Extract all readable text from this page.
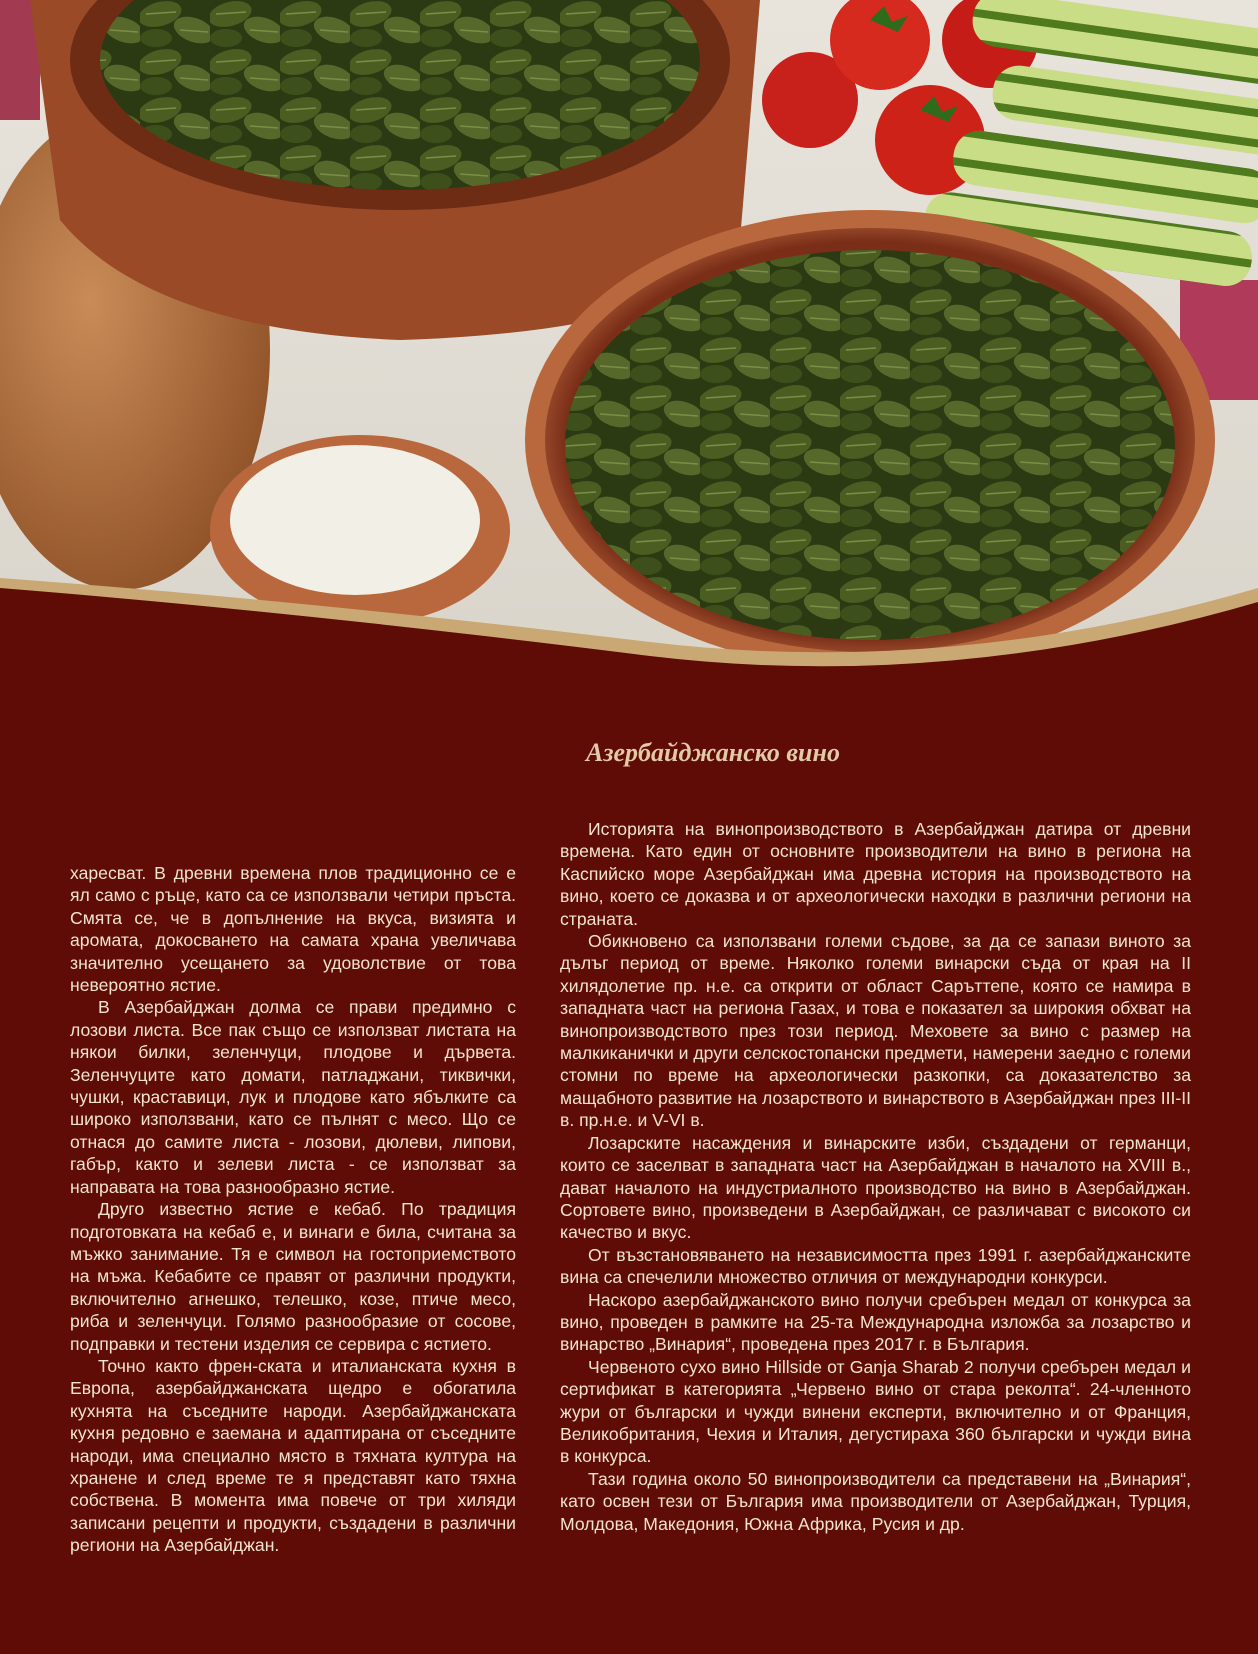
Азербайджанско вино

харесват. В древни времена плов традиционно се е ял само с ръце, като са се използвали четири пръста. Смята се, че в допълнение на вкуса, визията и аромата, докосването на самата храна увеличава значително усещането за удоволствие от това невероятно ястие.

В Азербайджан долма се прави предимно с лозови листа. Все пак също се използват листата на някои билки, зеленчуци, плодове и дървета. Зеленчуците като домати, патладжани, тиквички, чушки, краставици, лук и плодове като ябълките са широко използвани, като се пълнят с месо. Що се отнася до самите листа - лозови, дюлеви, липови, габър, както и зелеви листа - се използват за направата на това разнообразно ястие.

Друго известно ястие е кебаб. По традиция подготовката на кебаб е, и винаги е била, считана за мъжко занимание. Тя е символ на гостоприемството на мъжа. Кебабите се правят от различни продукти, включително агнешко, телешко, козе, птиче месо, риба и зеленчуци. Голямо разнообразие от сосове, подправки и тестени изделия се сервира с ястието.

Точно както френ-ската и италианската кухня в Европа, азербайджанската щедро е обогатила кухнята на съседните народи. Азербайджанската кухня редовно е заемана и адаптирана от съседните народи, има специално място в тяхната култура на хранене и след време те я представят като тяхна собствена. В момента има повече от три хиляди записани рецепти и продукти, създадени в различни региони на Азербайджан.

Историята на винопроизводството в Азербайджан датира от древни времена. Като един от основните производители на вино в региона на Каспийско море Азербайджан има древна история на производството на вино, което се доказва и от археологически находки в различни региони на страната.

Обикновено са използвани големи съдове, за да се запази виното за дълъг период от време. Няколко големи винарски съда от края на II хилядолетие пр. н.е. са открити от област Саръттепе, която се намира в западната част на региона Газах, и това е показател за широкия обхват на винопроизводството през този период. Меховете за вино с размер на малкиканички и други селскостопански предмети, намерени заедно с големи стомни по време на археологически разкопки, са доказателство за мащабното развитие на лозарството и винарството в Азербайджан през III-II в. пр.н.е. и V-VI в.

Лозарските насаждения и винарските изби, създадени от германци, които се заселват в западната част на Азербайджан в началото на XVIII в., дават началото на индустриалното производство на вино в Азербайджан. Сортовете вино, произведени в Азербайджан, се различават с високото си качество и вкус.

От възстановяването на независимостта през 1991 г. азербайджанските вина са спечелили множество отличия от международни конкурси.

Наскоро азербайджанското вино получи сребърен медал от конкурса за вино, проведен в рамките на 25-та Международна изложба за лозарство и винарство „Винария“, проведена през 2017 г. в България.

Червеното сухо вино Hillside от Ganja Sharab 2 получи сребърен медал и сертификат в категорията „Червено вино от стара реколта“. 24-членното жури от български и чужди винени експерти, включително и от Франция, Великобритания, Чехия и Италия, дегустираха 360 български и чужди вина в конкурса.

Тази година около 50 винопроизводители са представени на „Винария“, като освен тези от България има производители от Азербайджан, Турция, Молдова, Македония, Южна Африка, Русия и др.
